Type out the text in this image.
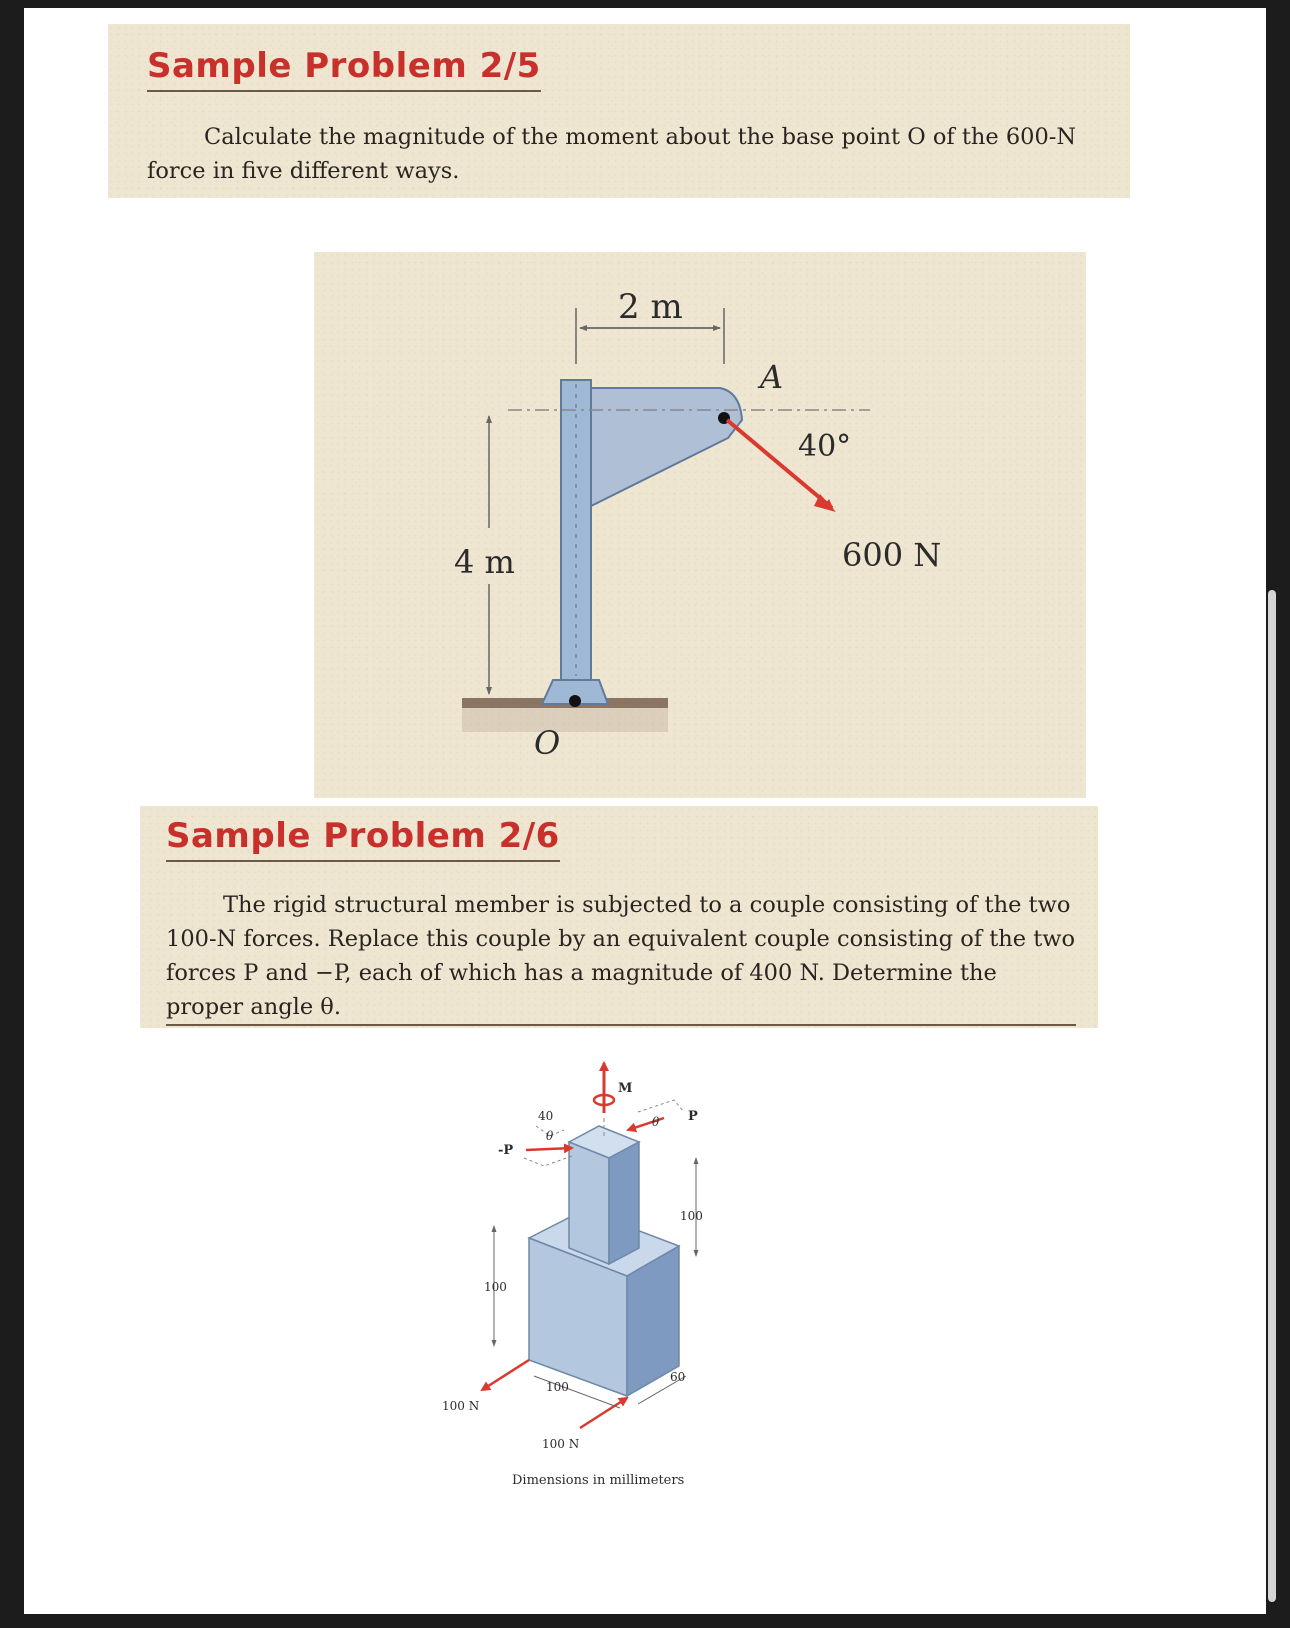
Sample Problem 2/5
Calculate the magnitude of the moment about the base point O of the 600-N force in five different ways.
2 m
4 m
A
O
40°
600 N
Sample Problem 2/6
The rigid structural member is subjected to a couple consisting of the two 100-N forces. Replace this couple by an equivalent couple consisting of the two forces P and −P, each of which has a magnitude of 400 N. Determine the proper angle θ.
M
P
-P
40
θ
θ
100
100
100
60
100 N
100 N
Dimensions in millimeters
